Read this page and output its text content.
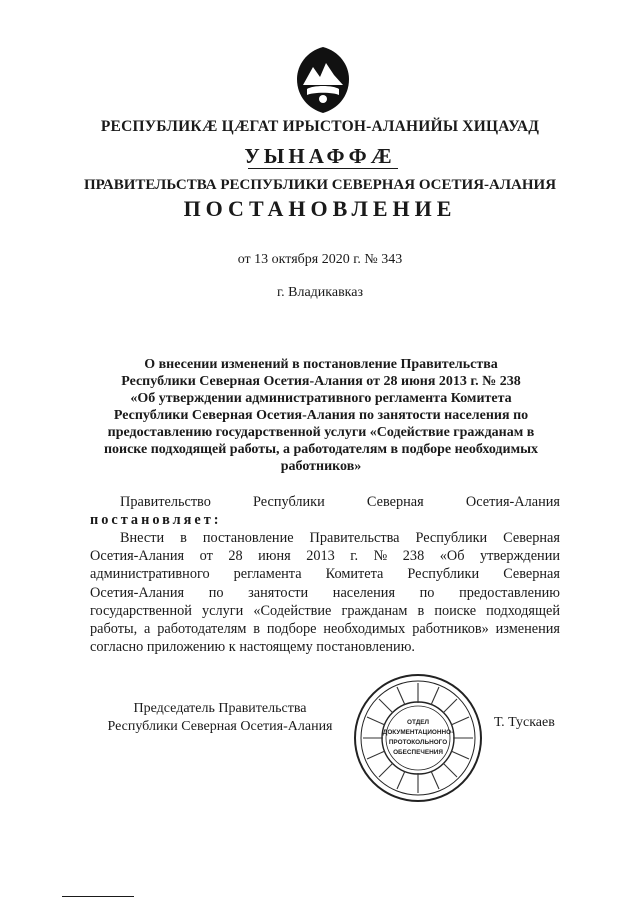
РЕСПУБЛИКӔ ЦӔГАТ ИРЫСТОН-АЛАНИЙЫ ХИЦАУАД
УЫНАФФӔ
ПРАВИТЕЛЬСТВА РЕСПУБЛИКИ СЕВЕРНАЯ ОСЕТИЯ-АЛАНИЯ
ПОСТАНОВЛЕНИЕ
от 13 октября 2020 г. № 343
г. Владикавказ
О внесении изменений в постановление Правительства
Республики Северная Осетия-Алания от 28 июня 2013 г. № 238
«Об утверждении административного регламента Комитета
Республики Северная Осетия-Алания по занятости населения по
предоставлению государственной услуги «Содействие гражданам в
поиске подходящей работы, а работодателям в подборе необходимых
работников»
Правительство	Республики	Северная	Осетия-Алания
постановляет:
Внести в постановление Правительства Республики Северная
Осетия-Алания от 28 июня 2013 г. № 238 «Об утверждении
административного регламента Комитета Республики Северная
Осетия-Алания по занятости населения по предоставлению
государственной услуги «Содействие гражданам в поиске подходящей
работы, а работодателям в подборе необходимых работников» изменения
согласно приложению к настоящему постановлению.
Председатель Правительства
Республики Северная Осетия-Алания	ОТДЕЛ
ДОКУМЕНТАЦИОННО-
ПРОТОКОЛЬНОГО
ОБЕСПЕЧЕНИЯ
Т. Тускаев
